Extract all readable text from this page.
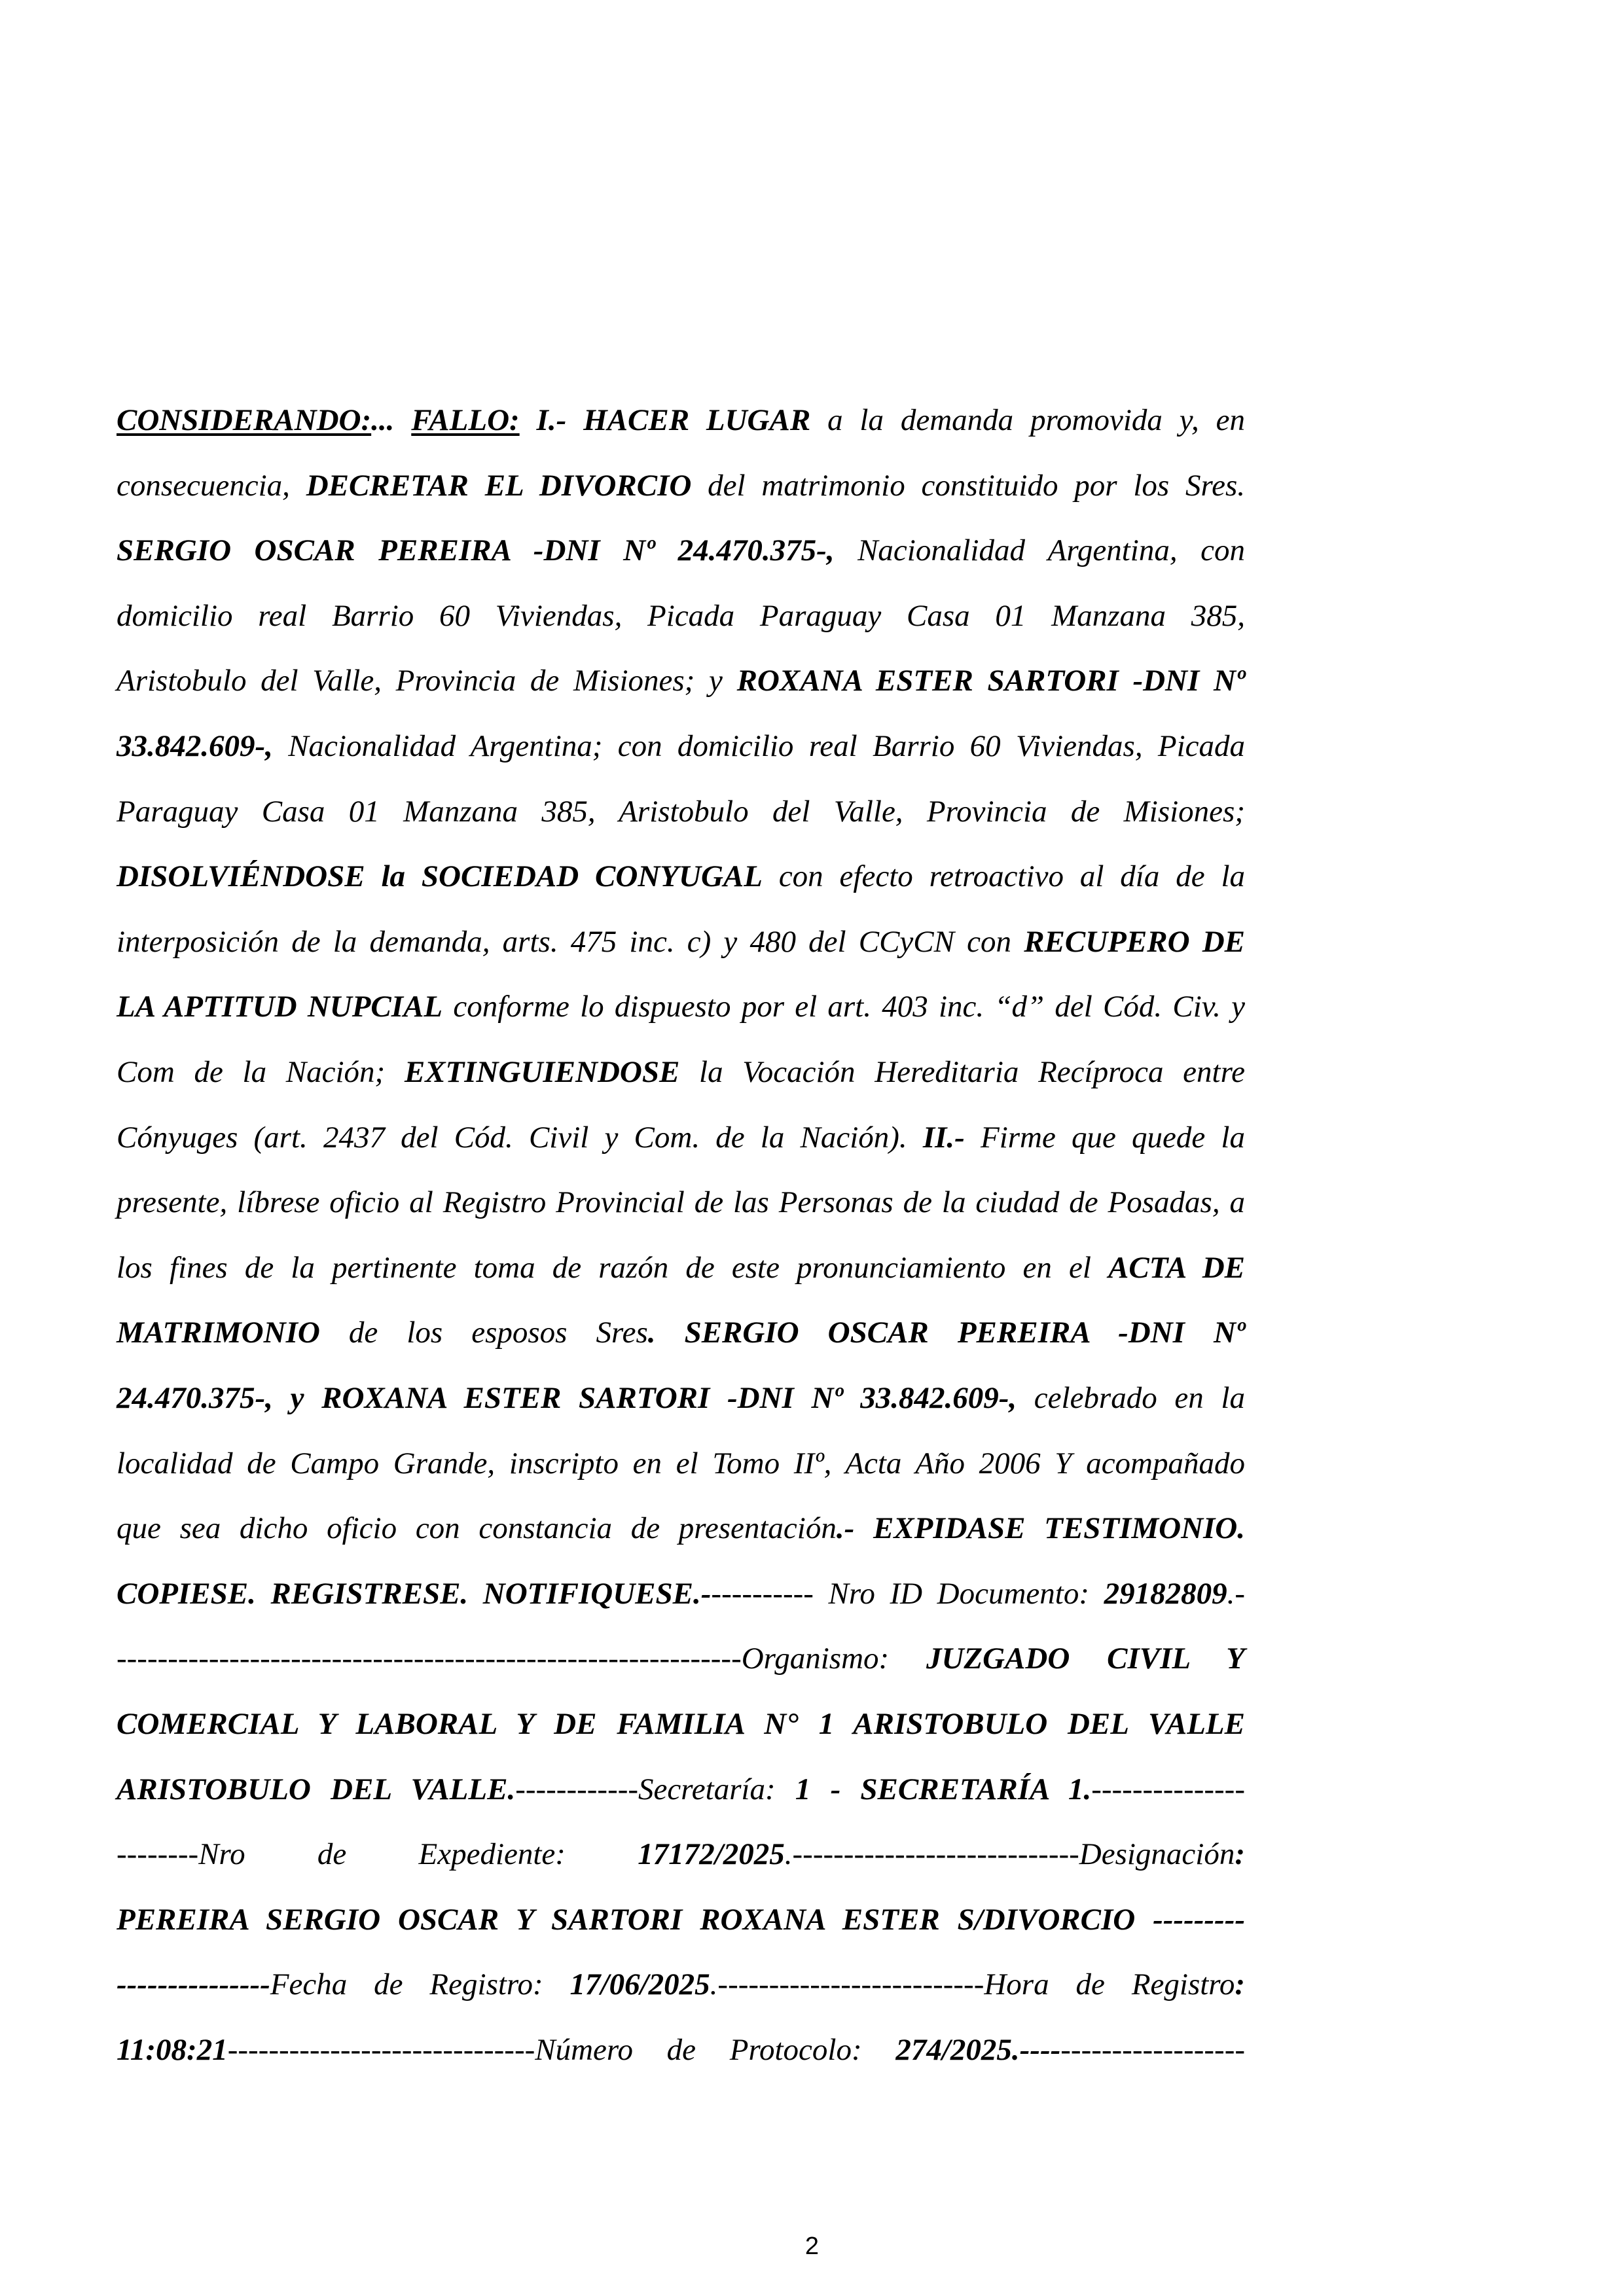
CONSIDERANDO:... FALLO: I.- HACER LUGAR a la demanda promovida y, en
consecuencia, DECRETAR EL DIVORCIO del matrimonio constituido por los Sres.
SERGIO OSCAR PEREIRA -DNI Nº 24.470.375-, Nacionalidad Argentina, con
domicilio real Barrio 60 Viviendas, Picada Paraguay Casa 01 Manzana 385,
Aristobulo del Valle, Provincia de Misiones; y ROXANA ESTER SARTORI -DNI Nº
33.842.609-, Nacionalidad Argentina; con domicilio real Barrio 60 Viviendas, Picada
Paraguay Casa 01 Manzana 385, Aristobulo del Valle, Provincia de Misiones;
DISOLVIÉNDOSE la SOCIEDAD CONYUGAL con efecto retroactivo al día de la
interposición de la demanda, arts. 475 inc. c) y 480 del CCyCN con RECUPERO DE
LA APTITUD NUPCIAL conforme lo dispuesto por el art. 403 inc. “d” del Cód. Civ. y
Com de la Nación; EXTINGUIENDOSE la Vocación Hereditaria Recíproca entre
Cónyuges (art. 2437 del Cód. Civil y Com. de la Nación). II.- Firme que quede la
presente, líbrese oficio al Registro Provincial de las Personas de la ciudad de Posadas, a
los fines de la pertinente toma de razón de este pronunciamiento en el ACTA DE
MATRIMONIO de los esposos Sres. SERGIO OSCAR PEREIRA -DNI Nº
24.470.375-, y ROXANA ESTER SARTORI -DNI Nº 33.842.609-, celebrado en la
localidad de Campo Grande, inscripto en el Tomo IIº, Acta Año 2006 Y acompañado
que sea dicho oficio con constancia de presentación.- EXPIDASE TESTIMONIO.
COPIESE. REGISTRESE. NOTIFIQUESE.----------- Nro ID Documento: 29182809.-
-------------------------------------------------------------Organismo: JUZGADO CIVIL Y
COMERCIAL Y LABORAL Y DE FAMILIA N° 1 ARISTOBULO DEL VALLE
ARISTOBULO DEL VALLE.------------Secretaría: 1 - SECRETARÍA 1.---------------
--------Nro de Expediente: 17172/2025.----------------------------Designación:
PEREIRA SERGIO OSCAR Y SARTORI ROXANA ESTER S/DIVORCIO ---------
---------------Fecha de Registro: 17/06/2025.--------------------------Hora de Registro:
11:08:21------------------------------Número de Protocolo: 274/2025.----------------------
2
